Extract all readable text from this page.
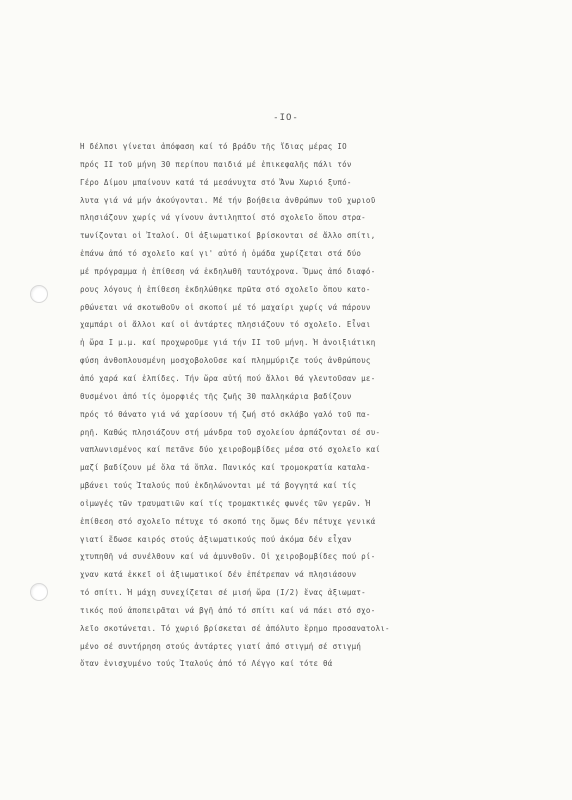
-IO-
Ἡ δέλπσι γίνεται ἀπόφαση καί τό βράδυ τῆς ἴδιας μέρας IO
πρός II τοῦ μήνη 30 περίπου παιδιά μέ ἐπικεφαλῆς πάλι τόν
Γέρο Δίμου μπαίνουν κατά τά μεσάνυχτα στό Ἄνω Χωριό ξυπό-
λυτα γιά νά μήν ἀκούγονται. Μέ τήν βοήθεια ἀνθρώπων τοῦ χωριοῦ
πλησιάζουν χωρίς νά γίνουν ἀντιληπτοί στό σχολεῖο ὅπου στρα-
τωνίζονται οἱ Ἰταλοί. Οἱ ἀξιωματικοί βρίσκονται σέ ἄλλο σπίτι,
ἐπάνω ἀπό τό σχολεῖο καί γι' αὐτό ἡ ὁμάδα χωρίζεται στά δύο
μέ πρόγραμμα ἡ ἐπίθεση νά ἐκδηλωθῆ ταυτόχρονα. Ὅμως ἀπό διαφό-
ρους λόγους ἡ ἐπίθεση ἐκδηλώθηκε πρῶτα στό σχολεῖο ὅπου κατο-
ρθώνεται νά σκοτωθοῦν οἱ σκοποί μέ τό μαχαίρι χωρίς νά πάρουν
χαμπάρι οἱ ἄλλοι καί οἱ ἀντάρτες πλησιάζουν τό σχολεῖο. Εἶναι
ἡ ὥρα I μ.μ. καί προχωροῦμε γιά τήν II τοῦ μήνη. Ἡ ἀνοιξιάτικη
φύση ἀνθοπλουσμένη μοσχοβολοῦσε καί πλημμύριζε τούς ἀνθρώπους
ἀπό χαρά καί ἐλπίδες. Τήν ὥρα αὐτή πού ἄλλοι θά γλεντοῦσαν με-
θυσμένοι ἀπό τίς ὀμορφιές τῆς ζωῆς 30 παλληκάρια βαδίζουν
πρός τό θάνατο γιά νά χαρίσουν τή ζωή στό σκλάβο γαλό τοῦ πα-
ρηῆ. Καθώς πλησιάζουν στή μάνδρα τοῦ σχολείου ἀρπάζονται σέ συ-
ναπλωνισμένος καί πετᾶνε δύο χειροβομβίδες μέσα στό σχολεῖο καί
μαζί βαδίζουν μέ ὅλα τά ὅπλα. Πανικός καί τρομοκρατία καταλα-
μβάνει τούς Ἰταλούς πού ἐκδηλώνονται μέ τά βογγητά καί τίς
οἰμωγές τῶν τραυματιῶν καί τίς τρομακτικές φωνές τῶν γερῶν. Ἡ
ἐπίθεση στό σχολεῖο πέτυχε τό σκοπό της ὅμως δέν πέτυχε γενικά
γιατί ἔδωσε καιρός στούς ἀξιωματικούς πού ἀκόμα δέν εἶχαν
χτυπηθῆ νά συνέλθουν καί νά ἀμυνθοῦν. Οἱ χειροβομβίδες πού ρί-
χναν κατά ἐκκεῖ οἱ ἀξιωματικοί δέν ἐπέτρεπαν νά πλησιάσουν
τό σπίτι. Ἡ μάχη συνεχίζεται σέ μισή ὥρα (I/2) ἕνας ἀξιωματ-
τικός πού ἀποπειρᾶται νά βγῆ ἀπό τό σπίτι καί νά πάει στό σχο-
λεῖο σκοτώνεται. Τό χωριό βρίσκεται σέ ἀπόλυτο ἔρημο προσανατολι-
μένο σέ συντήρηση στούς ἀντάρτες γιατί ἀπό στιγμή σέ στιγμή
ὅταν ἐνισχυμένο τούς Ἰταλούς ἀπό τό Λέγγο καί τότε θά
